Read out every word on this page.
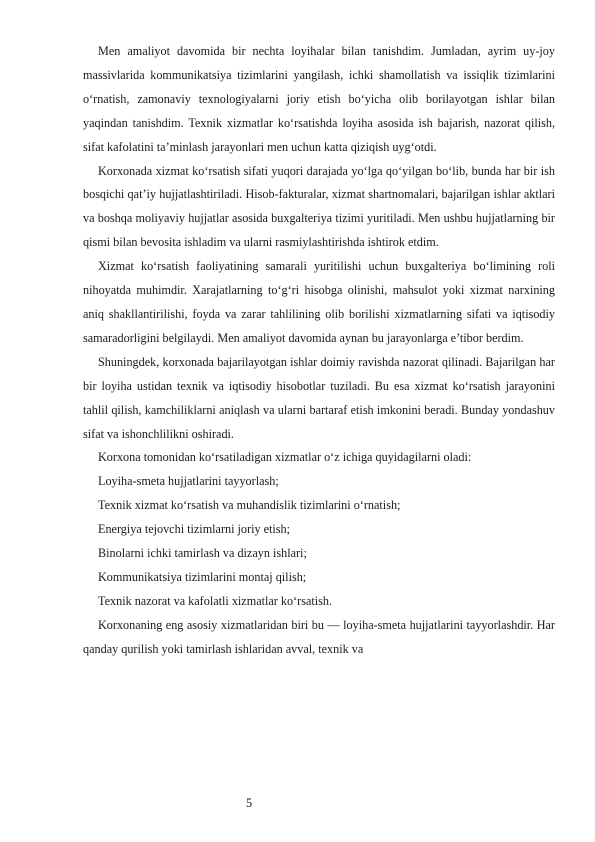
Men amaliyot davomida bir nechta loyihalar bilan tanishdim. Jumladan, ayrim uy-joy massivlarida kommunikatsiya tizimlarini yangilash, ichki shamollatish va issiqlik tizimlarini o‘rnatish, zamonaviy texnologiyalarni joriy etish bo‘yicha olib borilayotgan ishlar bilan yaqindan tanishdim. Texnik xizmatlar ko‘rsatishda loyiha asosida ish bajarish, nazorat qilish, sifat kafolatini ta’minlash jarayonlari men uchun katta qiziqish uyg‘otdi.

Korxonada xizmat ko‘rsatish sifati yuqori darajada yo‘lga qo‘yilgan bo‘lib, bunda har bir ish bosqichi qat’iy hujjatlashtiriladi. Hisob-fakturalar, xizmat shartnomalari, bajarilgan ishlar aktlari va boshqa moliyaviy hujjatlar asosida buxgalteriya tizimi yuritiladi. Men ushbu hujjatlarning bir qismi bilan bevosita ishladim va ularni rasmiylashtirishda ishtirok etdim.

Xizmat ko‘rsatish faoliyatining samarali yuritilishi uchun buxgalteriya bo‘limining roli nihoyatda muhimdir. Xarajatlarning to‘g‘ri hisobga olinishi, mahsulot yoki xizmat narxining aniq shakllantirilishi, foyda va zarar tahlilining olib borilishi xizmatlarning sifati va iqtisodiy samaradorligini belgilaydi. Men amaliyot davomida aynan bu jarayonlarga e’tibor berdim.

Shuningdek, korxonada bajarilayotgan ishlar doimiy ravishda nazorat qilinadi. Bajarilgan har bir loyiha ustidan texnik va iqtisodiy hisobotlar tuziladi. Bu esa xizmat ko‘rsatish jarayonini tahlil qilish, kamchiliklarni aniqlash va ularni bartaraf etish imkonini beradi. Bunday yondashuv sifat va ishonchlilikni oshiradi.

Korxona tomonidan ko‘rsatiladigan xizmatlar o‘z ichiga quyidagilarni oladi:

Loyiha-smeta hujjatlarini tayyorlash;

Texnik xizmat ko‘rsatish va muhandislik tizimlarini o‘rnatish;

Energiya tejovchi tizimlarni joriy etish;

Binolarni ichki tamirlash va dizayn ishlari;

Kommunikatsiya tizimlarini montaj qilish;

Texnik nazorat va kafolatli xizmatlar ko‘rsatish.

Korxonaning eng asosiy xizmatlaridan biri bu — loyiha-smeta hujjatlarini tayyorlashdir. Har qanday qurilish yoki tamirlash ishlaridan avval, texnik va

5
